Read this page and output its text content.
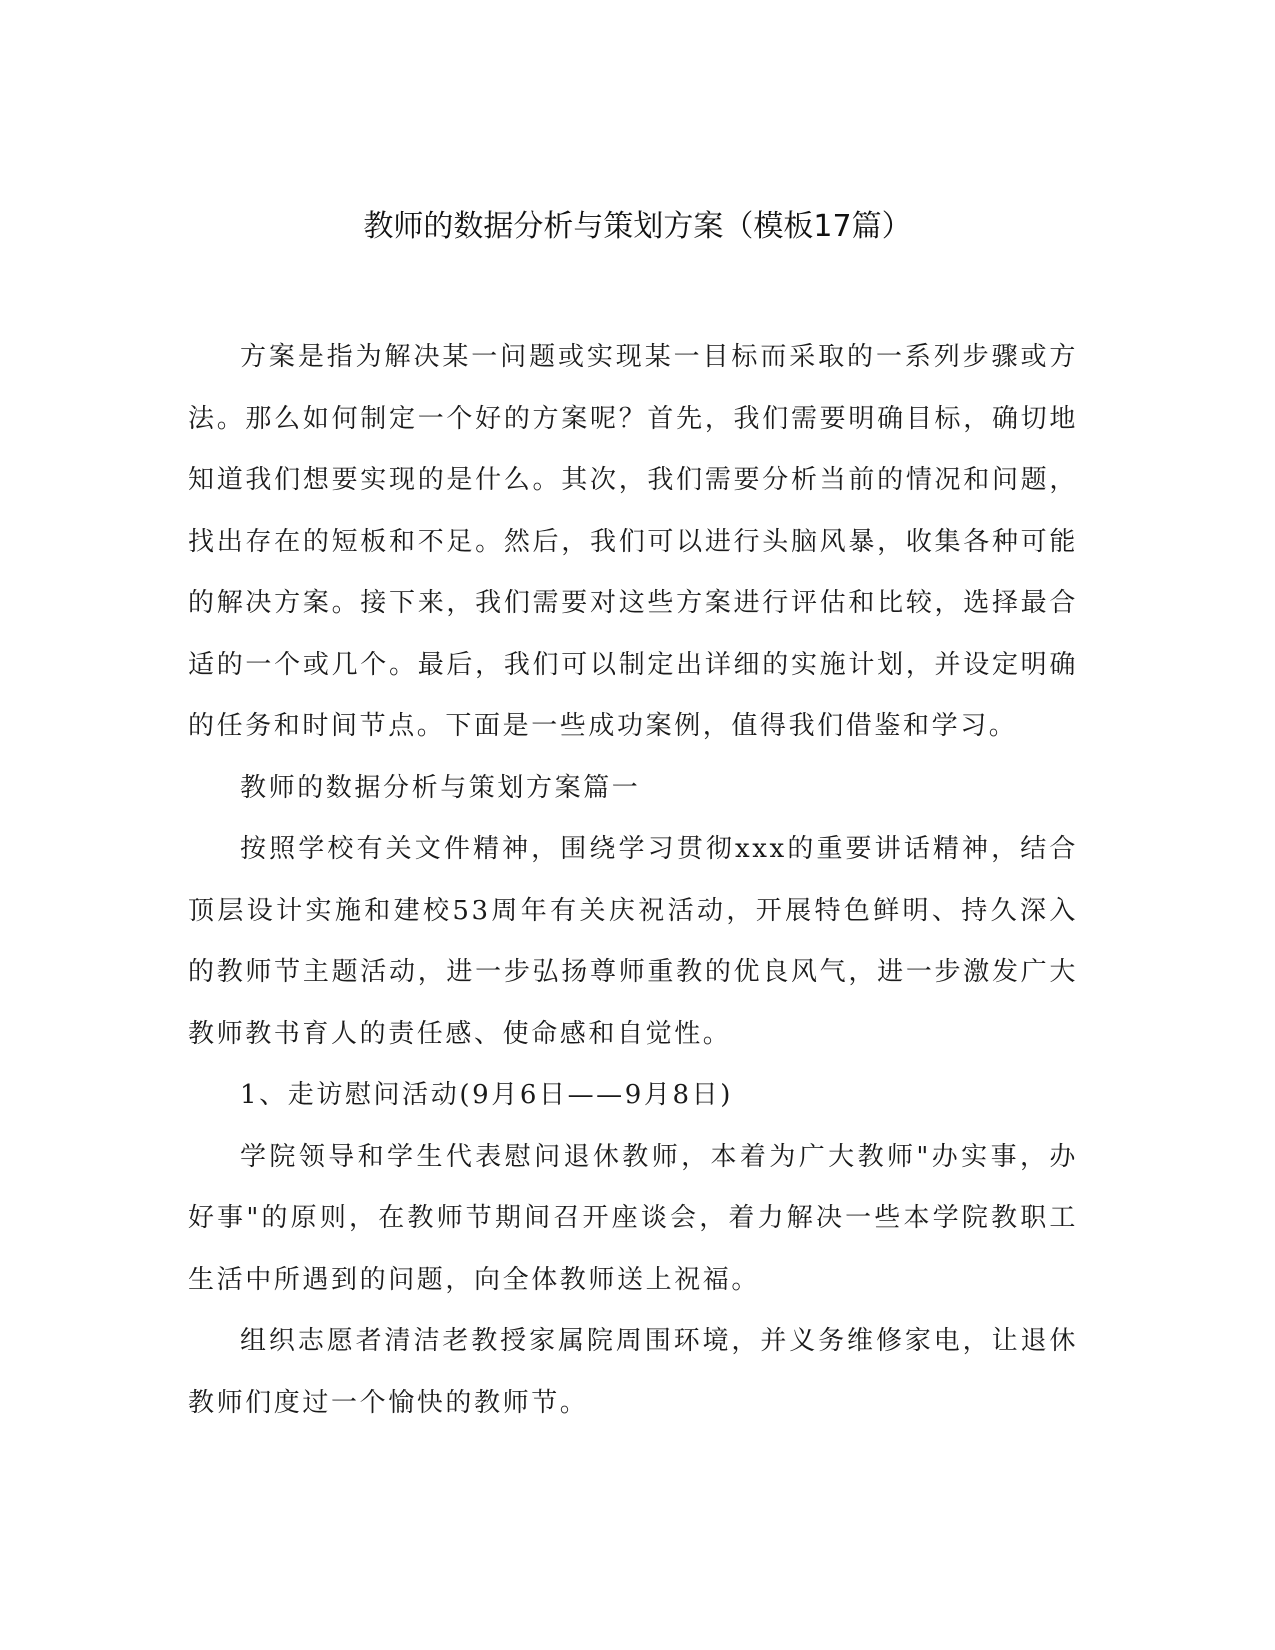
教师的数据分析与策划方案（模板17篇）

方案是指为解决某一问题或实现某一目标而采取的一系列步骤或方法。那么如何制定一个好的方案呢？首先，我们需要明确目标，确切地知道我们想要实现的是什么。其次，我们需要分析当前的情况和问题，找出存在的短板和不足。然后，我们可以进行头脑风暴，收集各种可能的解决方案。接下来，我们需要对这些方案进行评估和比较，选择最合适的一个或几个。最后，我们可以制定出详细的实施计划，并设定明确的任务和时间节点。下面是一些成功案例，值得我们借鉴和学习。

教师的数据分析与策划方案篇一

按照学校有关文件精神，围绕学习贯彻xxx的重要讲话精神，结合顶层设计实施和建校53周年有关庆祝活动，开展特色鲜明、持久深入的教师节主题活动，进一步弘扬尊师重教的优良风气，进一步激发广大教师教书育人的责任感、使命感和自觉性。

1、走访慰问活动(9月6日——9月8日)

学院领导和学生代表慰问退休教师，本着为广大教师"办实事，办好事"的原则，在教师节期间召开座谈会，着力解决一些本学院教职工生活中所遇到的问题，向全体教师送上祝福。

组织志愿者清洁老教授家属院周围环境，并义务维修家电，让退休教师们度过一个愉快的教师节。
